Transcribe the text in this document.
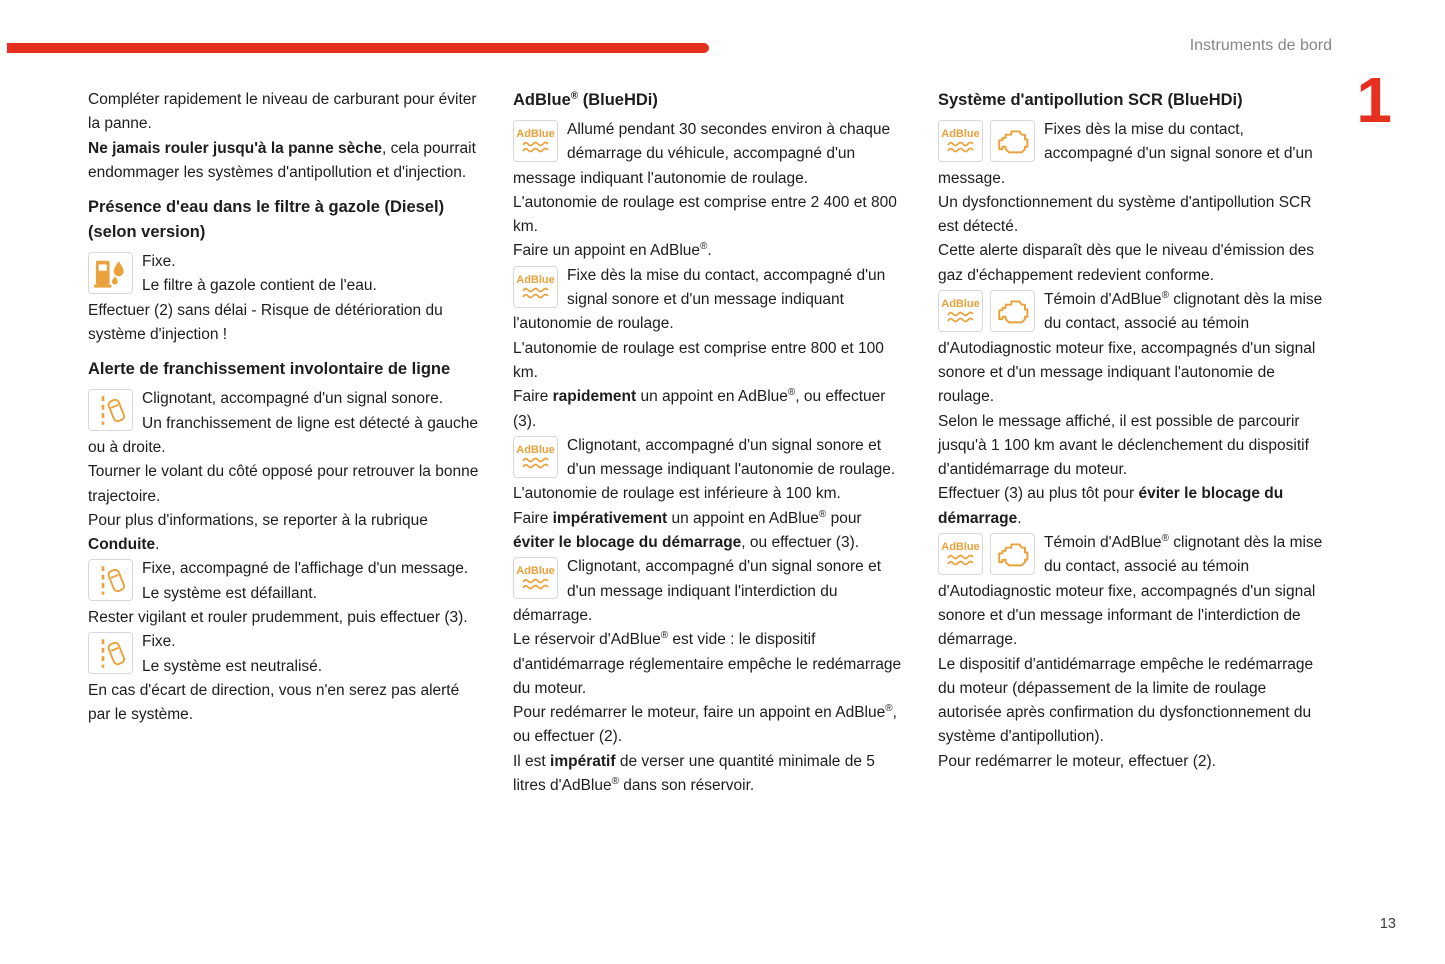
Instruments de bord
1
Compléter rapidement le niveau de carburant pour éviter la panne.
Ne jamais rouler jusqu'à la panne sèche, cela pourrait endommager les systèmes d'antipollution et d'injection.
Présence d'eau dans le filtre à gazole (Diesel) (selon version)
Fixe.
Le filtre à gazole contient de l'eau.
Effectuer (2) sans délai - Risque de détérioration du système d'injection !
Alerte de franchissement involontaire de ligne
Clignotant, accompagné d'un signal sonore.
Un franchissement de ligne est détecté à gauche ou à droite.
Tourner le volant du côté opposé pour retrouver la bonne trajectoire.
Pour plus d'informations, se reporter à la rubrique Conduite.
Fixe, accompagné de l'affichage d'un message.
Le système est défaillant.
Rester vigilant et rouler prudemment, puis effectuer (3).
Fixe.
Le système est neutralisé.
En cas d'écart de direction, vous n'en serez pas alerté par le système.
AdBlue® (BlueHDi)
AdBlue Allumé pendant 30 secondes environ à chaque démarrage du véhicule, accompagné d'un message indiquant l'autonomie de roulage.
L'autonomie de roulage est comprise entre 2 400 et 800 km.
Faire un appoint en AdBlue®.
AdBlue Fixe dès la mise du contact, accompagné d'un signal sonore et d'un message indiquant l'autonomie de roulage.
L'autonomie de roulage est comprise entre 800 et 100 km.
Faire rapidement un appoint en AdBlue®, ou effectuer (3).
AdBlue Clignotant, accompagné d'un signal sonore et d'un message indiquant l'autonomie de roulage.
L'autonomie de roulage est inférieure à 100 km.
Faire impérativement un appoint en AdBlue® pour éviter le blocage du démarrage, ou effectuer (3).
AdBlue Clignotant, accompagné d'un signal sonore et d'un message indiquant l'interdiction du démarrage.
Le réservoir d'AdBlue® est vide : le dispositif d'antidémarrage réglementaire empêche le redémarrage du moteur.
Pour redémarrer le moteur, faire un appoint en AdBlue®, ou effectuer (2).
Il est impératif de verser une quantité minimale de 5 litres d'AdBlue® dans son réservoir.
Système d'antipollution SCR (BlueHDi)
AdBlue	Fixes dès la mise du contact, accompagné d'un signal sonore et d'un message.
Un dysfonctionnement du système d'antipollution SCR est détecté.
Cette alerte disparaît dès que le niveau d'émission des gaz d'échappement redevient conforme.
AdBlue	Témoin d'AdBlue® clignotant dès la mise du contact, associé au témoin d'Autodiagnostic moteur fixe, accompagnés d'un signal sonore et d'un message indiquant l'autonomie de roulage.
Selon le message affiché, il est possible de parcourir jusqu'à 1 100 km avant le déclenchement du dispositif d'antidémarrage du moteur.
Effectuer (3) au plus tôt pour éviter le blocage du démarrage.
AdBlue	Témoin d'AdBlue® clignotant dès la mise du contact, associé au témoin d'Autodiagnostic moteur fixe, accompagnés d'un signal sonore et d'un message informant de l'interdiction de démarrage.
Le dispositif d'antidémarrage empêche le redémarrage du moteur (dépassement de la limite de roulage autorisée après confirmation du dysfonctionnement du système d'antipollution).
Pour redémarrer le moteur, effectuer (2).
13
